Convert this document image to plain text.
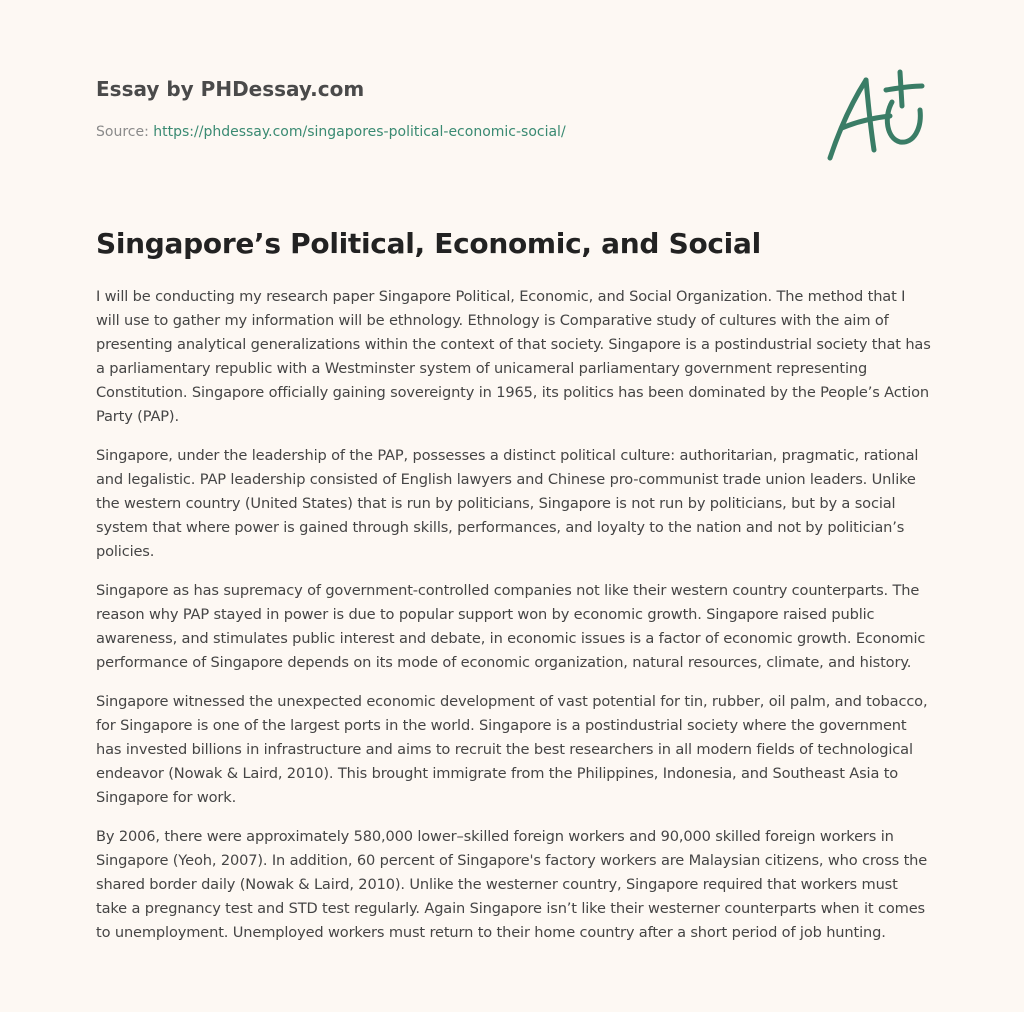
Essay by PHDessay.com
Source: https://phdessay.com/singapores-political-economic-social/
Singapore’s Political, Economic, and Social

I will be conducting my research paper Singapore Political, Economic, and Social Organization. The method that I will use to gather my information will be ethnology. Ethnology is Comparative study of cultures with the aim of presenting analytical generalizations within the context of that society. Singapore is a postindustrial society that has a parliamentary republic with a Westminster system of unicameral parliamentary government representing Constitution. Singapore officially gaining sovereignty in 1965, its politics has been dominated by the People’s Action Party (PAP).

Singapore, under the leadership of the PAP, possesses a distinct political culture: authoritarian, pragmatic, rational and legalistic. PAP leadership consisted of English lawyers and Chinese pro-communist trade union leaders. Unlike the western country (United States) that is run by politicians, Singapore is not run by politicians, but by a social system that where power is gained through skills, performances, and loyalty to the nation and not by politician’s policies.

Singapore as has supremacy of government-controlled companies not like their western country counterparts. The reason why PAP stayed in power is due to popular support won by economic growth. Singapore raised public awareness, and stimulates public interest and debate, in economic issues is a factor of economic growth. Economic performance of Singapore depends on its mode of economic organization, natural resources, climate, and history.

Singapore witnessed the unexpected economic development of vast potential for tin, rubber, oil palm, and tobacco, for Singapore is one of the largest ports in the world. Singapore is a postindustrial society where the government has invested billions in infrastructure and aims to recruit the best researchers in all modern fields of technological endeavor (Nowak & Laird, 2010). This brought immigrate from the Philippines, Indonesia, and Southeast Asia to Singapore for work.

By 2006, there were approximately 580,000 lower–skilled foreign workers and 90,000 skilled foreign workers in Singapore (Yeoh, 2007). In addition, 60 percent of Singapore's factory workers are Malaysian citizens, who cross the shared border daily (Nowak & Laird, 2010). Unlike the westerner country, Singapore required that workers must take a pregnancy test and STD test regularly. Again Singapore isn’t like their westerner counterparts when it comes to unemployment. Unemployed workers must return to their home country after a short period of job hunting.
